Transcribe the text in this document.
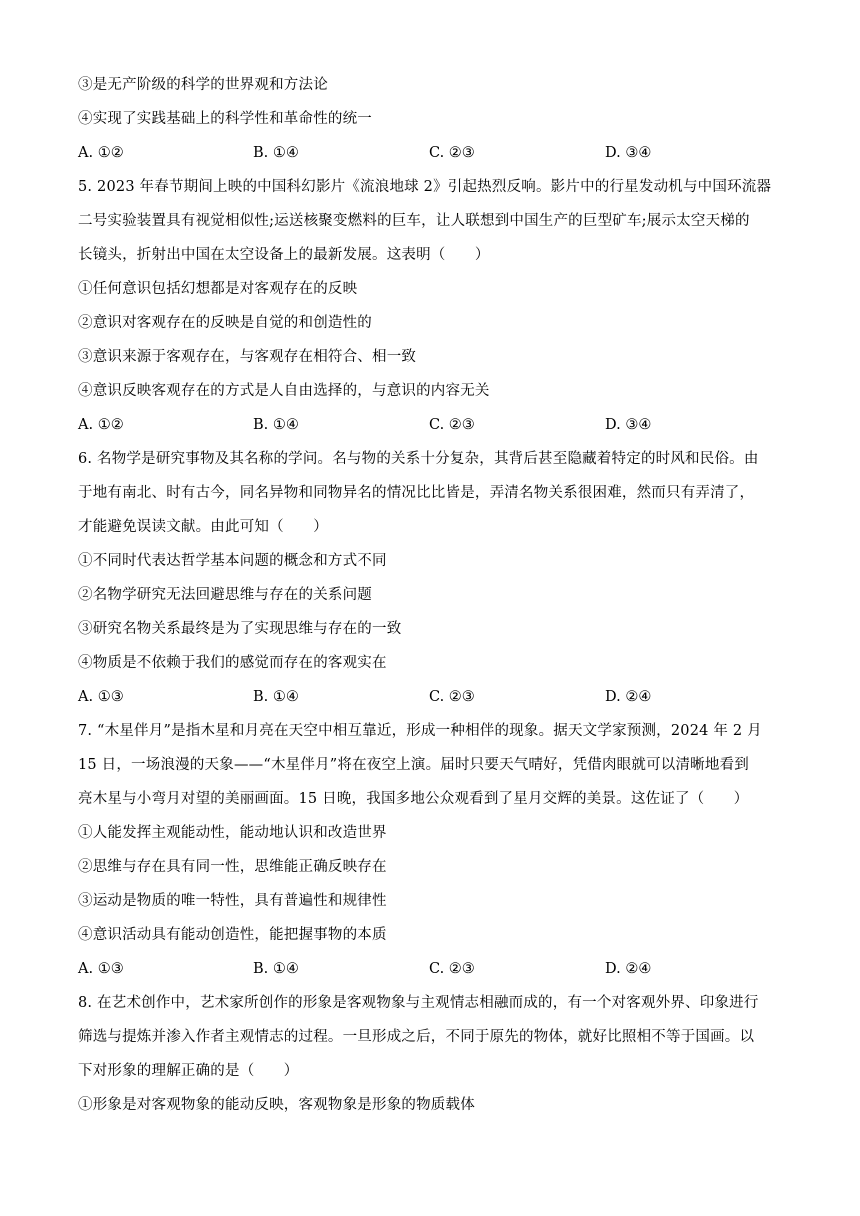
③是无产阶级的科学的世界观和方法论
④实现了实践基础上的科学性和革命性的统一
A. ①②	B. ①④	C. ②③	D. ③④
5. 2023 年春节期间上映的中国科幻影片《流浪地球 2》引起热烈反响。影片中的行星发动机与中国环流器
二号实验装置具有视觉相似性;运送核聚变燃料的巨车，让人联想到中国生产的巨型矿车;展示太空天梯的
长镜头，折射出中国在太空设备上的最新发展。这表明（　　）
①任何意识包括幻想都是对客观存在的反映
②意识对客观存在的反映是自觉的和创造性的
③意识来源于客观存在，与客观存在相符合、相一致
④意识反映客观存在的方式是人自由选择的，与意识的内容无关
A. ①②	B. ①④	C. ②③	D. ③④
6. 名物学是研究事物及其名称的学问。名与物的关系十分复杂，其背后甚至隐藏着特定的时风和民俗。由
于地有南北、时有古今，同名异物和同物异名的情况比比皆是，弄清名物关系很困难，然而只有弄清了，
才能避免误读文献。由此可知（　　）
①不同时代表达哲学基本问题的概念和方式不同
②名物学研究无法回避思维与存在的关系问题
③研究名物关系最终是为了实现思维与存在的一致
④物质是不依赖于我们的感觉而存在的客观实在
A. ①③	B. ①④	C. ②③	D. ②④
7. “木星伴月”是指木星和月亮在天空中相互靠近，形成一种相伴的现象。据天文学家预测，2024 年 2 月
15 日，一场浪漫的天象——“木星伴月”将在夜空上演。届时只要天气晴好，凭借肉眼就可以清晰地看到
亮木星与小弯月对望的美丽画面。15 日晚，我国多地公众观看到了星月交辉的美景。这佐证了（　　）
①人能发挥主观能动性，能动地认识和改造世界
②思维与存在具有同一性，思维能正确反映存在
③运动是物质的唯一特性，具有普遍性和规律性
④意识活动具有能动创造性，能把握事物的本质
A. ①③	B. ①④	C. ②③	D. ②④
8. 在艺术创作中，艺术家所创作的形象是客观物象与主观情志相融而成的，有一个对客观外界、印象进行
筛选与提炼并渗入作者主观情志的过程。一旦形成之后，不同于原先的物体，就好比照相不等于国画。以
下对形象的理解正确的是（　　）
①形象是对客观物象的能动反映，客观物象是形象的物质载体
